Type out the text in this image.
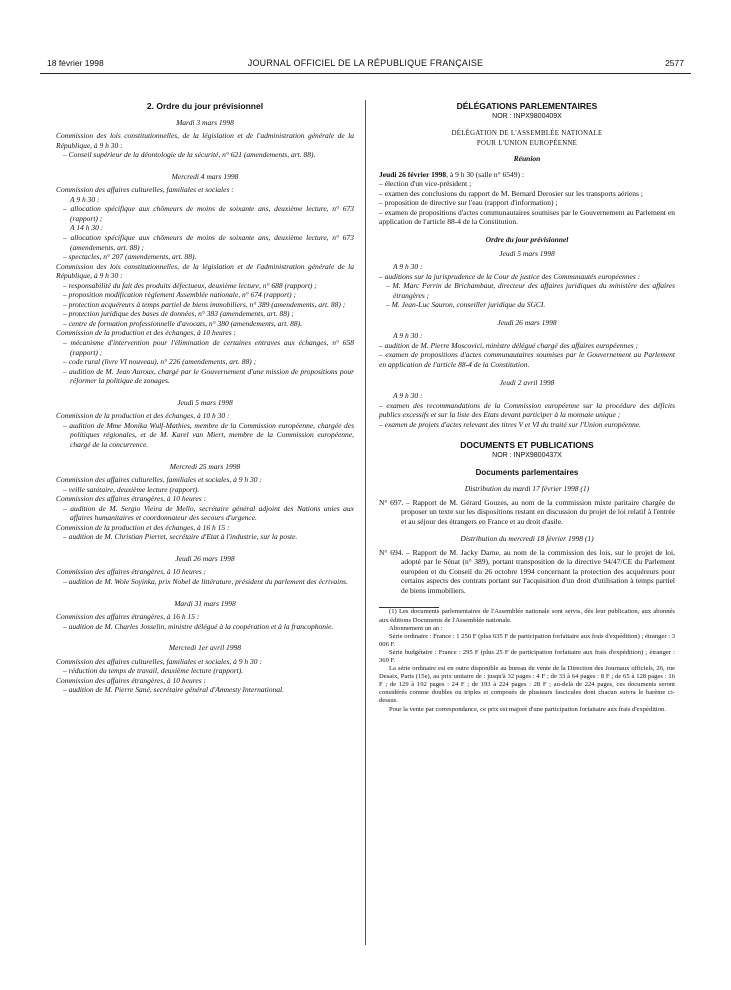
18 février 1998	JOURNAL OFFICIEL DE LA RÉPUBLIQUE FRANÇAISE	2577

2. Ordre du jour prévisionnel

Mardi 3 mars 1998

Commission des lois constitutionnelles, de la législation et de l'administration générale de la République, à 9 h 30 :

– Conseil supérieur de la déontologie de la sécurité, n° 621 (amendements, art. 88).

Mercredi 4 mars 1998

Commission des affaires culturelles, familiales et sociales :

A 9 h 30 :

– allocation spécifique aux chômeurs de moins de soixante ans, deuxième lecture, n° 673 (rapport) ;

A 14 h 30 :

– allocation spécifique aux chômeurs de moins de soixante ans, deuxième lecture, n° 673 (amendements, art. 88) ;

– spectacles, n° 207 (amendements, art. 88).

Commission des lois constitutionnelles, de la législation et de l'administration générale de la République, à 9 h 30 :

– responsabilité du fait des produits défectueux, deuxième lecture, n° 688 (rapport) ;

– proposition modification règlement Assemblée nationale, n° 674 (rapport) ;

– protection acquéreurs à temps partiel de biens immobiliers, n° 389 (amendements, art. 88) ;

– protection juridique des bases de données, n° 383 (amendements, art. 88) ;

– centre de formation professionnelle d'avocats, n° 380 (amendements, art. 88).

Commission de la production et des échanges, à 10 heures :

– mécanisme d'intervention pour l'élimination de certaines entraves aux échanges, n° 658 (rapport) ;

– code rural (livre VI nouveau), n° 226 (amendements, art. 88) ;

– audition de M. Jean Auroux, chargé par le Gouvernement d'une mission de propositions pour réformer la politique de zonages.

Jeudi 5 mars 1998

Commission de la production et des échanges, à 10 h 30 :

– audition de Mme Monika Wulf-Mathies, membre de la Commission européenne, chargée des politiques régionales, et de M. Karel van Miert, membre de la Commission européenne, chargé de la concurrence.

Mercredi 25 mars 1998

Commission des affaires culturelles, familiales et sociales, à 9 h 30 :

– veille sanitaire, deuxième lecture (rapport).

Commission des affaires étrangères, à 10 heures :

– audition de M. Sergio Vieira de Mello, secrétaire général adjoint des Nations unies aux affaires humanitaires et coordonnateur des secours d'urgence.

Commission de la production et des échanges, à 16 h 15 :

– audition de M. Christian Pierret, secrétaire d'Etat à l'industrie, sur la poste.

Jeudi 26 mars 1998

Commission des affaires étrangères, à 10 heures :

– audition de M. Wole Soyinka, prix Nobel de littérature, président du parlement des écrivains.

Mardi 31 mars 1998

Commission des affaires étrangères, à 16 h 15 :

– audition de M. Charles Josselin, ministre délégué à la coopération et à la francophonie.

Mercredi 1er avril 1998

Commission des affaires culturelles, familiales et sociales, à 9 h 30 :

– réduction du temps de travail, deuxième lecture (rapport).

Commission des affaires étrangères, à 10 heures :

– audition de M. Pierre Sané, secrétaire général d'Amnesty International.

DÉLÉGATIONS PARLEMENTAIRES

NOR : INPX9800409X

DÉLÉGATION DE L'ASSEMBLÉE NATIONALE

POUR L'UNION EUROPÉENNE

Réunion

Jeudi 26 février 1998, à 9 h 30 (salle n° 6549) :

– élection d'un vice-président ;

– examen des conclusions du rapport de M. Bernard Derosier sur les transports aériens ;

– proposition de directive sur l'eau (rapport d'information) ;

– examen de propositions d'actes communautaires soumises par le Gouvernement au Parlement en application de l'article 88-4 de la Constitution.

Ordre du jour prévisionnel

Jeudi 5 mars 1998

A 9 h 30 :

– auditions sur la jurisprudence de la Cour de justice des Communautés européennes :

– M. Marc Perrin de Brichambaut, directeur des affaires juridiques du ministère des affaires étrangères ;

– M. Jean-Luc Sauron, conseiller juridique du SGCI.

Jeudi 26 mars 1998

A 9 h 30 :

– audition de M. Pierre Moscovici, ministre délégué chargé des affaires européennes ;

– examen de propositions d'actes communautaires soumises par le Gouvernement au Parlement en application de l'article 88-4 de la Constitution.

Jeudi 2 avril 1998

A 9 h 30 :

– examen des recommandations de la Commission européenne sur la procédure des déficits publics excessifs et sur la liste des Etats devant participer à la monnaie unique ;

– examen de projets d'actes relevant des titres V et VI du traité sur l'Union européenne.

DOCUMENTS ET PUBLICATIONS

NOR : INPX9800437X

Documents parlementaires

Distribution du mardi 17 février 1998 (1)

N° 697. – Rapport de M. Gérard Gouzes, au nom de la commission mixte paritaire chargée de proposer un texte sur les dispositions restant en discussion du projet de loi relatif à l'entrée et au séjour des étrangers en France et au droit d'asile.

Distribution du mercredi 18 février 1998 (1)

N° 694. – Rapport de M. Jacky Darne, au nom de la commission des lois, sur le projet de loi, adopté par le Sénat (n° 389), portant transposition de la directive 94/47/CE du Parlement européen et du Conseil du 26 octobre 1994 concernant la protection des acquéreurs pour certains aspects des contrats portant sur l'acquisition d'un droit d'utilisation à temps partiel de biens immobiliers.

(1) Les documents parlementaires de l'Assemblée nationale sont servis, dès leur publication, aux abonnés aux éditions Documents de l'Assemblée nationale.

Abonnement un an :

Série ordinaire : France : 1 250 F (plus 635 F de participation forfaitaire aux frais d'expédition) ; étranger : 3 006 F.

Série budgétaire : France : 295 F (plus 25 F de participation forfaitaire aux frais d'expédition) ; étranger : 369 F.

La série ordinaire est en outre disponible au bureau de vente de la Direction des Journaux officiels, 26, rue Desaix, Paris (15e), au prix unitaire de : jusqu'à 32 pages : 4 F ; de 33 à 64 pages : 8 F ; de 65 à 128 pages : 16 F ; de 129 à 192 pages : 24 F ; de 193 à 224 pages : 28 F ; au-delà de 224 pages, ces documents seront considérés comme doubles ou triples et composés de plusieurs fascicules dont chacun suivra le barème ci-dessus.

Pour la vente par correspondance, ce prix est majoré d'une participation forfaitaire aux frais d'expédition.
